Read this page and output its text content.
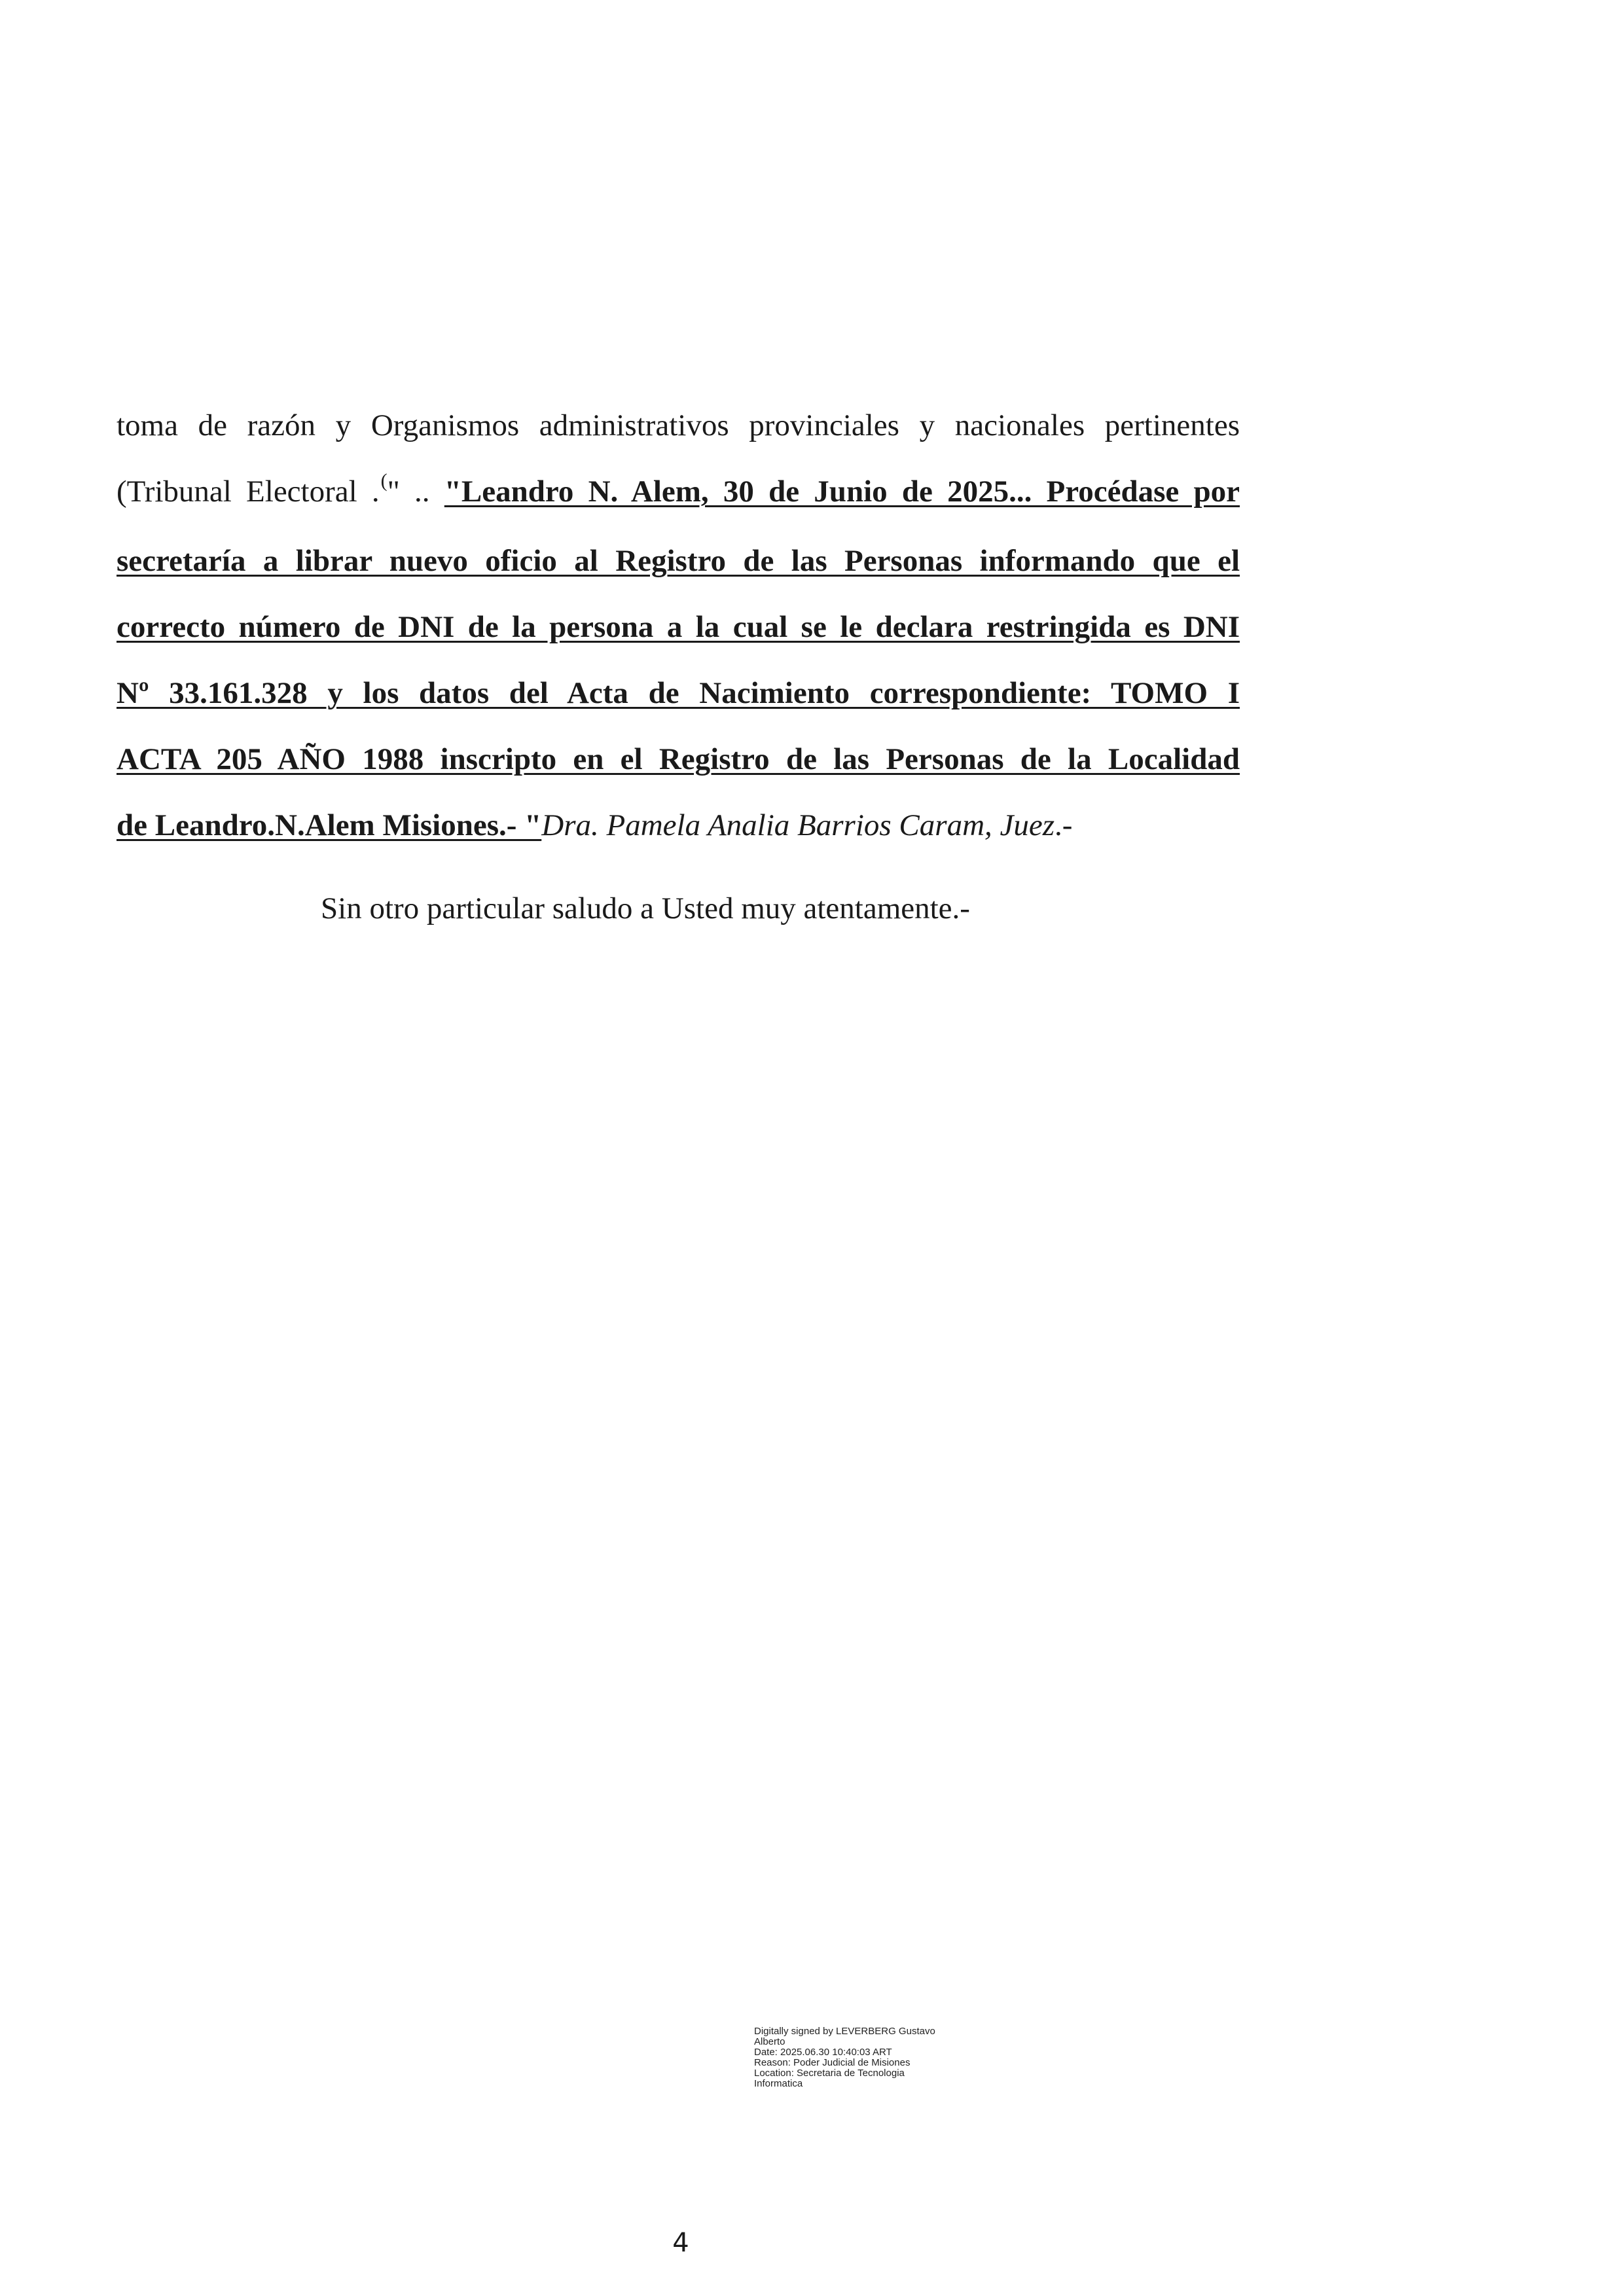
toma de razón y Organismos administrativos provinciales y nacionales pertinentes
(Tribunal Electoral .(" .. "Leandro N. Alem, 30 de Junio de 2025... Procédase por
secretaría a librar nuevo oficio al Registro de las Personas informando que el
correcto número de DNI de la persona a la cual se le declara restringida es DNI
Nº 33.161.328 y los datos del Acta de Nacimiento correspondiente: TOMO I
ACTA 205 AÑO 1988 inscripto en el Registro de las Personas de la Localidad
de Leandro.N.Alem Misiones.- "Dra. Pamela Analia Barrios Caram, Juez.-
Sin otro particular saludo a Usted muy atentamente.-
Digitally signed by LEVERBERG Gustavo
Alberto
Date: 2025.06.30 10:40:03 ART
Reason: Poder Judicial de Misiones
Location: Secretaria de Tecnologia
Informatica
4
